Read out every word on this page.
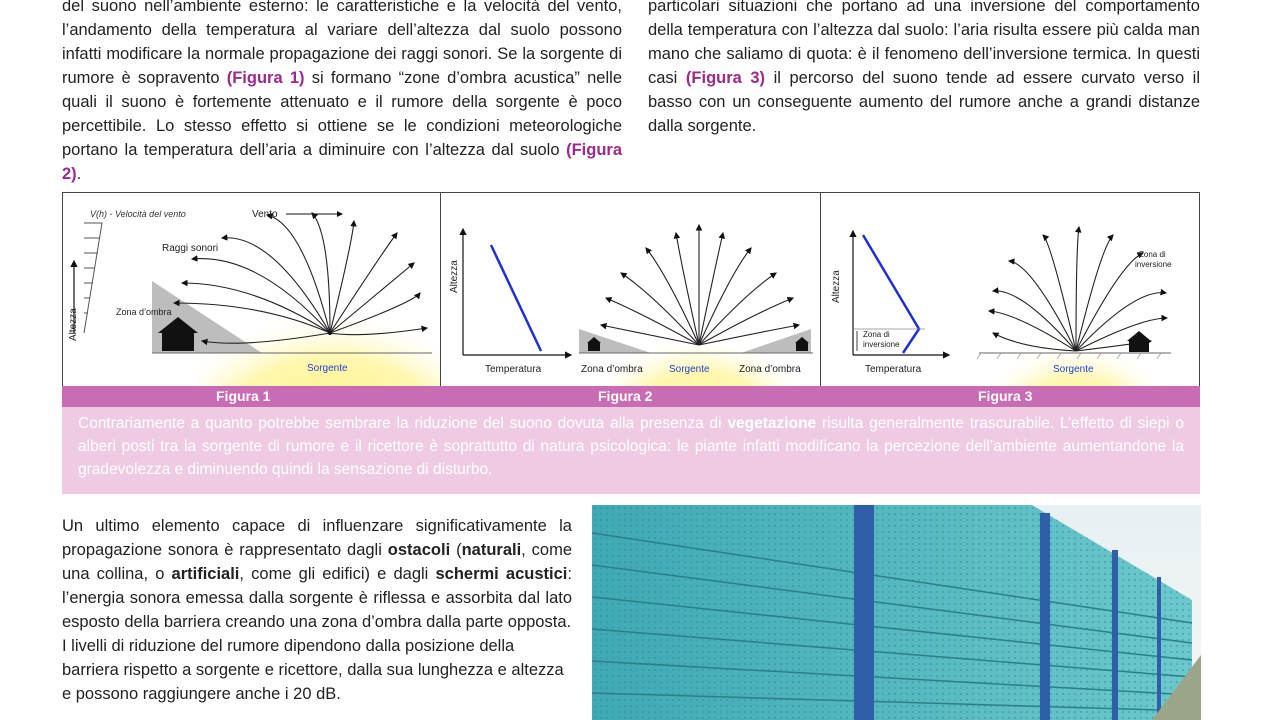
del suono nell’ambiente esterno: le caratteristiche e la velocità del vento, l’andamento della temperatura al variare dell’altezza dal suolo possono infatti modificare la normale propagazione dei raggi sonori. Se la sorgente di rumore è sopravento (Figura 1) si formano “zone d’ombra acustica” nelle quali il suono è fortemente attenuato e il rumore della sorgente è poco percettibile. Lo stesso effetto si ottiene se le condizioni meteorologiche portano la temperatura dell’aria a diminuire con l’altezza dal suolo (Figura 2).

particolari situazioni che portano ad una inversione del comportamento della temperatura con l’altezza dal suolo: l’aria risulta essere più calda man mano che saliamo di quota: è il fenomeno dell’inversione termica. In questi casi (Figura 3) il percorso del suono tende ad essere curvato verso il basso con un conseguente aumento del rumore anche a grandi distanze dalla sorgente.

V(h) - Velocità del vento	Vento
Raggi sonori
Zona d’ombra
Altezza
Sorgente
Altezza
Temperatura	Zona d’ombra	Sorgente	Zona d’ombra
Altezza
Zona di
inversione
Temperatura
Zona di
inversione
Sorgente
Figura 1	Figura 2	Figura 3
Contrariamente a quanto potrebbe sembrare la riduzione del suono dovuta alla presenza di vegetazione risulta generalmente trascurabile. L’effetto di siepi o alberi posti tra la sorgente di rumore e il ricettore è soprattutto di natura psicologica: le piante infatti modificano la percezione dell’ambiente aumentandone la gradevolezza e diminuendo quindi la sensazione di disturbo.

Un ultimo elemento capace di influenzare significativamente la propagazione sonora è rappresentato dagli ostacoli (naturali, come una collina, o artificiali, come gli edifici) e dagli schermi acustici: l’energia sonora emessa dalla sorgente è riflessa e assorbita dal lato esposto della barriera creando una zona d’ombra dalla parte opposta.

I livelli di riduzione del rumore dipendono dalla posizione della barriera rispetto a sorgente e ricettore, dalla sua lunghezza e altezza e possono raggiungere anche i 20 dB.
